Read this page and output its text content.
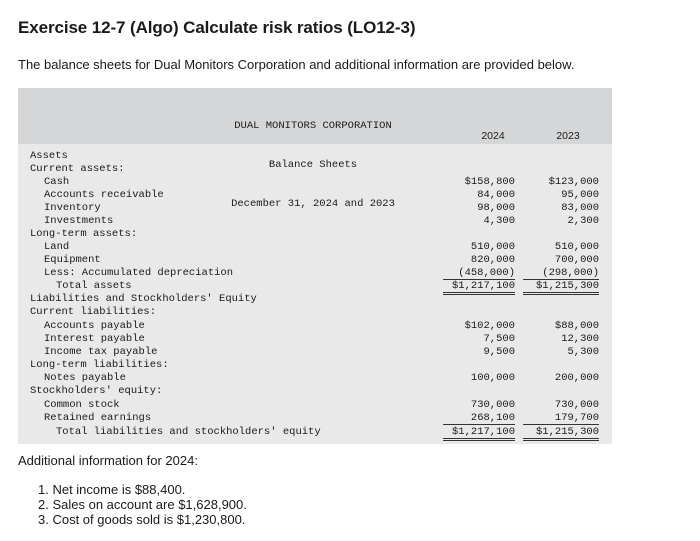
Exercise 12-7 (Algo) Calculate risk ratios (LO12-3)
The balance sheets for Dual Monitors Corporation and additional information are provided below.

DUAL MONITORS CORPORATION

Balance Sheets

December 31, 2024 and 2023

2024	2023
Assets
Current assets:
Cash	$158,800	$123,000
Accounts receivable	84,000	95,000
Inventory	98,000	83,000
Investments	4,300	2,300
Long-term assets:
Land	510,000	510,000
Equipment	820,000	700,000
Less: Accumulated depreciation	(458,000)	(298,000)
Total assets	$1,217,100	$1,215,300
Liabilities and Stockholders' Equity
Current liabilities:
Accounts payable	$102,000	$88,000
Interest payable	7,500	12,300
Income tax payable	9,500	5,300
Long-term liabilities:
Notes payable	100,000	200,000
Stockholders' equity:
Common stock	730,000	730,000
Retained earnings	268,100	179,700
Total liabilities and stockholders' equity	$1,217,100	$1,215,300
Additional information for 2024:
1. Net income is $88,400.
2. Sales on account are $1,628,900.
3. Cost of goods sold is $1,230,800.
